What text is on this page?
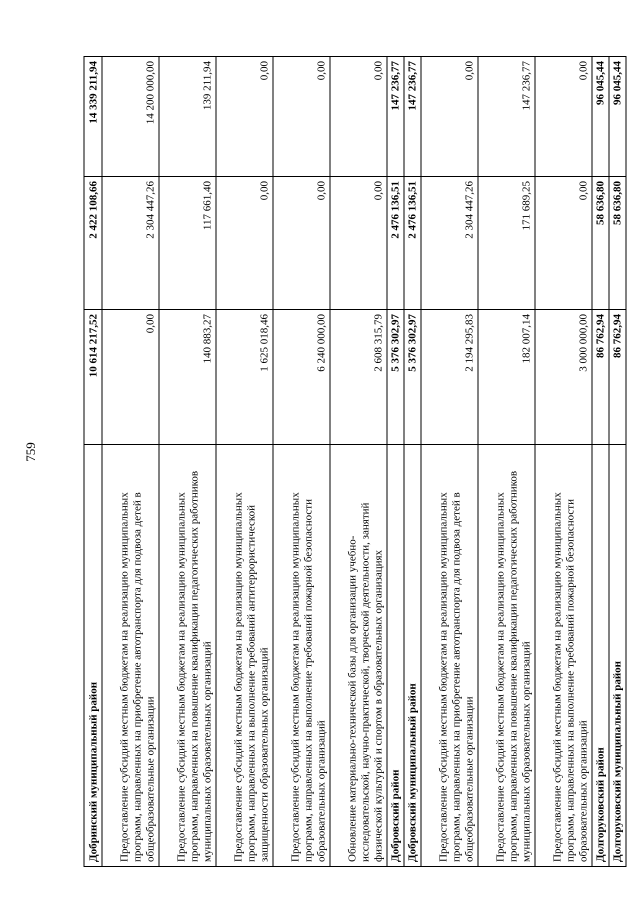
759
Добринский муниципальный район	10 614 217,52	2 422 108,66	14 339 211,94
Предоставление субсидий местным бюджетам на реализацию муниципальных программ, направленных на приобретение автотранспорта для подвоза детей в общеобразовательные организации	0,00	2 304 447,26	14 200 000,00
Предоставление субсидий местным бюджетам на реализацию муниципальных программ, направленных на повышение квалификации педагогических работников муниципальных образовательных организаций	140 883,27	117 661,40	139 211,94
Предоставление субсидий местным бюджетам на реализацию муниципальных программ, направленных на выполнение требований антитеррористической защищенности образовательных организаций	1 625 018,46	0,00	0,00
Предоставление субсидий местным бюджетам на реализацию муниципальных программ, направленных на выполнение требований пожарной безопасности образовательных организаций	6 240 000,00	0,00	0,00
Обновление материально-технической базы для организации учебно-исследовательской, научно-практической, творческой деятельности, занятий физической культурой и спортом в образовательных организациях	2 608 315,79	0,00	0,00
Добровский район	5 376 302,97	2 476 136,51	147 236,77
Добровский муниципальный район	5 376 302,97	2 476 136,51	147 236,77
Предоставление субсидий местным бюджетам на реализацию муниципальных программ, направленных на приобретение автотранспорта для подвоза детей в общеобразовательные организации	2 194 295,83	2 304 447,26	0,00
Предоставление субсидий местным бюджетам на реализацию муниципальных программ, направленных на повышение квалификации педагогических работников муниципальных образовательных организаций	182 007,14	171 689,25	147 236,77
Предоставление субсидий местным бюджетам на реализацию муниципальных программ, направленных на выполнение требований пожарной безопасности образовательных организаций	3 000 000,00	0,00	0,00
Долгоруковский район	86 762,94	58 636,80	96 045,44
Долгоруковский муниципальный район	86 762,94	58 636,80	96 045,44
